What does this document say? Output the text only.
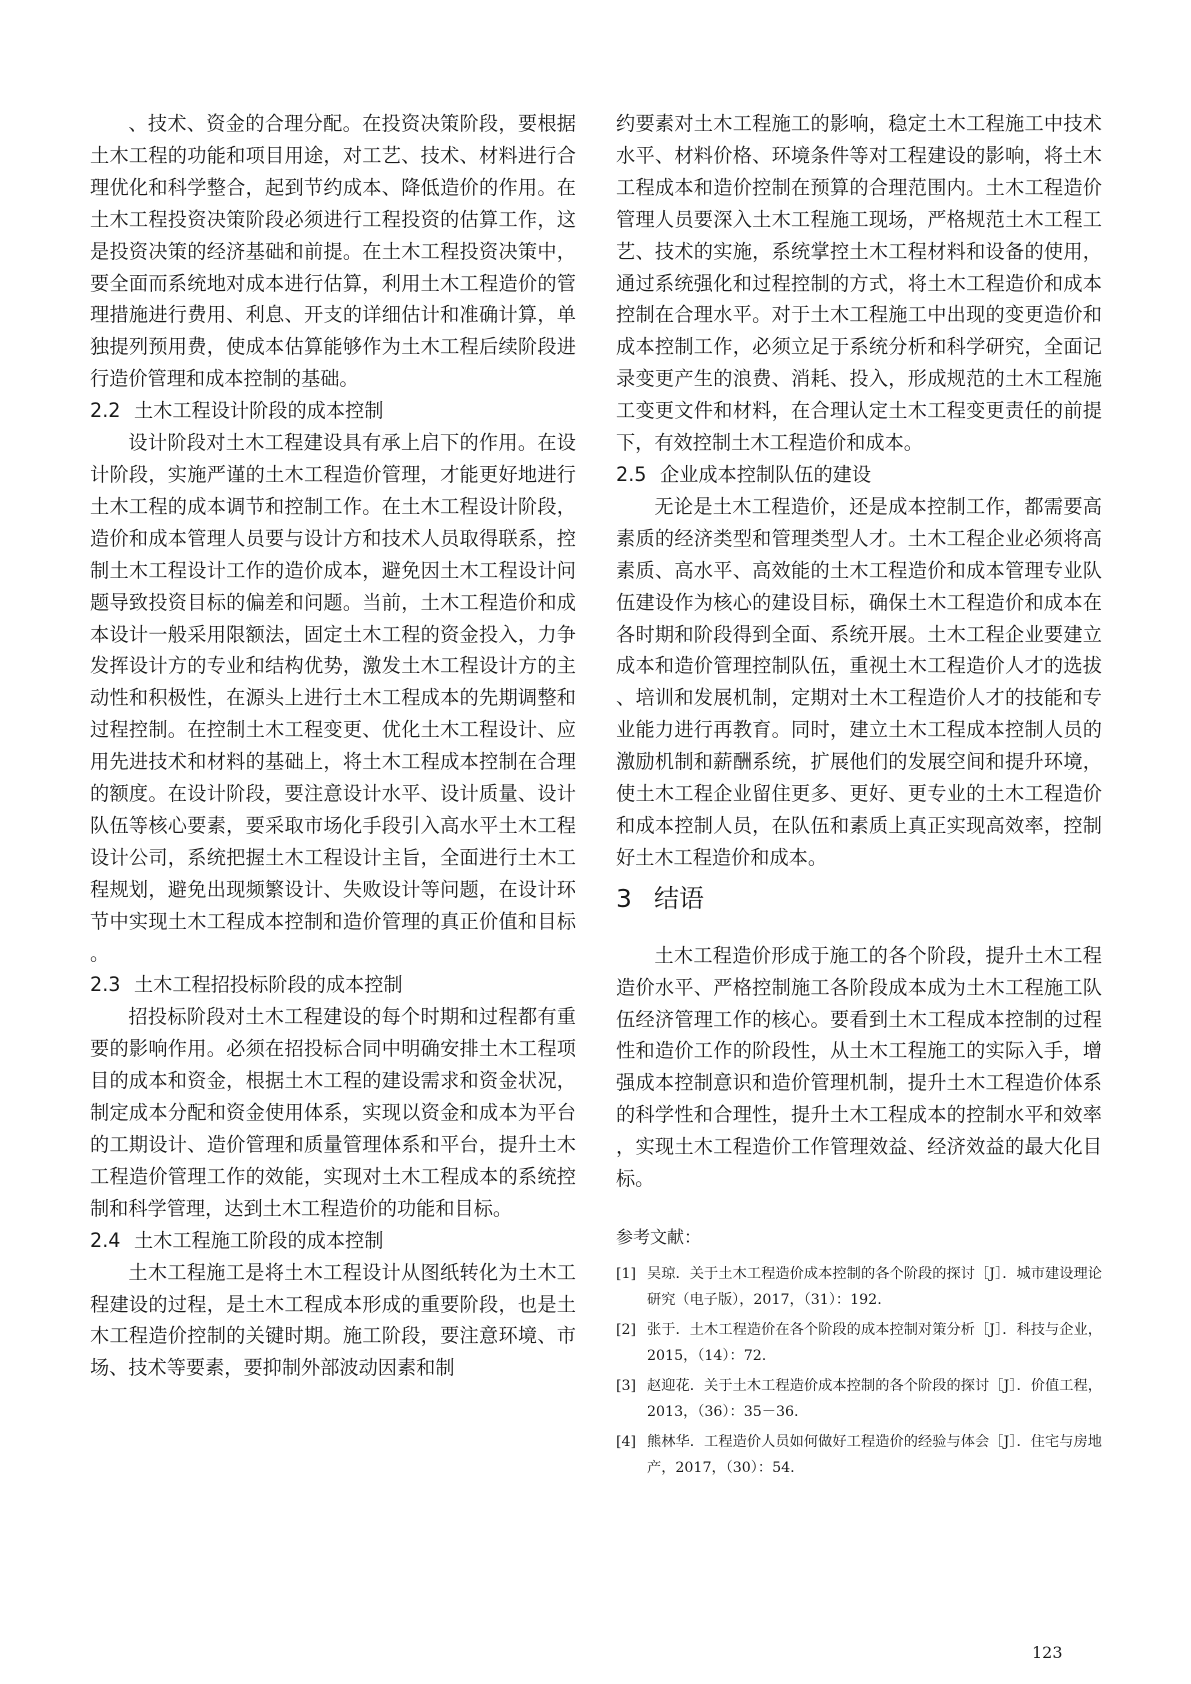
、技术、资金的合理分配。在投资决策阶段，要根据土木工程的功能和项目用途，对工艺、技术、材料进行合理优化和科学整合，起到节约成本、降低造价的作用。在土木工程投资决策阶段必须进行工程投资的估算工作，这是投资决策的经济基础和前提。在土木工程投资决策中，要全面而系统地对成本进行估算，利用土木工程造价的管理措施进行费用、利息、开支的详细估计和准确计算，单独提列预用费，使成本估算能够作为土木工程后续阶段进行造价管理和成本控制的基础。

2.2 土木工程设计阶段的成本控制

设计阶段对土木工程建设具有承上启下的作用。在设计阶段，实施严谨的土木工程造价管理，才能更好地进行土木工程的成本调节和控制工作。在土木工程设计阶段，造价和成本管理人员要与设计方和技术人员取得联系，控制土木工程设计工作的造价成本，避免因土木工程设计问题导致投资目标的偏差和问题。当前，土木工程造价和成本设计一般采用限额法，固定土木工程的资金投入，力争发挥设计方的专业和结构优势，激发土木工程设计方的主动性和积极性，在源头上进行土木工程成本的先期调整和过程控制。在控制土木工程变更、优化土木工程设计、应用先进技术和材料的基础上，将土木工程成本控制在合理的额度。在设计阶段，要注意设计水平、设计质量、设计队伍等核心要素，要采取市场化手段引入高水平土木工程设计公司，系统把握土木工程设计主旨，全面进行土木工程规划，避免出现频繁设计、失败设计等问题，在设计环节中实现土木工程成本控制和造价管理的真正价值和目标。

2.3 土木工程招投标阶段的成本控制

招投标阶段对土木工程建设的每个时期和过程都有重要的影响作用。必须在招投标合同中明确安排土木工程项目的成本和资金，根据土木工程的建设需求和资金状况，制定成本分配和资金使用体系，实现以资金和成本为平台的工期设计、造价管理和质量管理体系和平台，提升土木工程造价管理工作的效能，实现对土木工程成本的系统控制和科学管理，达到土木工程造价的功能和目标。

2.4 土木工程施工阶段的成本控制

土木工程施工是将土木工程设计从图纸转化为土木工程建设的过程，是土木工程成本形成的重要阶段，也是土木工程造价控制的关键时期。施工阶段，要注意环境、市场、技术等要素，要抑制外部波动因素和制

约要素对土木工程施工的影响，稳定土木工程施工中技术水平、材料价格、环境条件等对工程建设的影响，将土木工程成本和造价控制在预算的合理范围内。土木工程造价管理人员要深入土木工程施工现场，严格规范土木工程工艺、技术的实施，系统掌控土木工程材料和设备的使用，通过系统强化和过程控制的方式，将土木工程造价和成本控制在合理水平。对于土木工程施工中出现的变更造价和成本控制工作，必须立足于系统分析和科学研究，全面记录变更产生的浪费、消耗、投入，形成规范的土木工程施工变更文件和材料，在合理认定土木工程变更责任的前提下，有效控制土木工程造价和成本。

2.5 企业成本控制队伍的建设

无论是土木工程造价，还是成本控制工作，都需要高素质的经济类型和管理类型人才。土木工程企业必须将高素质、高水平、高效能的土木工程造价和成本管理专业队伍建设作为核心的建设目标，确保土木工程造价和成本在各时期和阶段得到全面、系统开展。土木工程企业要建立成本和造价管理控制队伍，重视土木工程造价人才的选拔、培训和发展机制，定期对土木工程造价人才的技能和专业能力进行再教育。同时，建立土木工程成本控制人员的激励机制和薪酬系统，扩展他们的发展空间和提升环境，使土木工程企业留住更多、更好、更专业的土木工程造价和成本控制人员，在队伍和素质上真正实现高效率，控制好土木工程造价和成本。

3 结语

土木工程造价形成于施工的各个阶段，提升土木工程造价水平、严格控制施工各阶段成本成为土木工程施工队伍经济管理工作的核心。要看到土木工程成本控制的过程性和造价工作的阶段性，从土木工程施工的实际入手，增强成本控制意识和造价管理机制，提升土木工程造价体系的科学性和合理性，提升土木工程成本的控制水平和效率，实现土木工程造价工作管理效益、经济效益的最大化目标。

参考文献：
[1] 吴琼．关于土木工程造价成本控制的各个阶段的探讨［J］．城市建设理论研究（电子版），2017，（31）：192.
[2] 张于．土木工程造价在各个阶段的成本控制对策分析［J］．科技与企业，2015，（14）：72.
[3] 赵迎花．关于土木工程造价成本控制的各个阶段的探讨［J］．价值工程，2013，（36）：35－36.
[4] 熊林华．工程造价人员如何做好工程造价的经验与体会［J］．住宅与房地产，2017，（30）：54.
123
